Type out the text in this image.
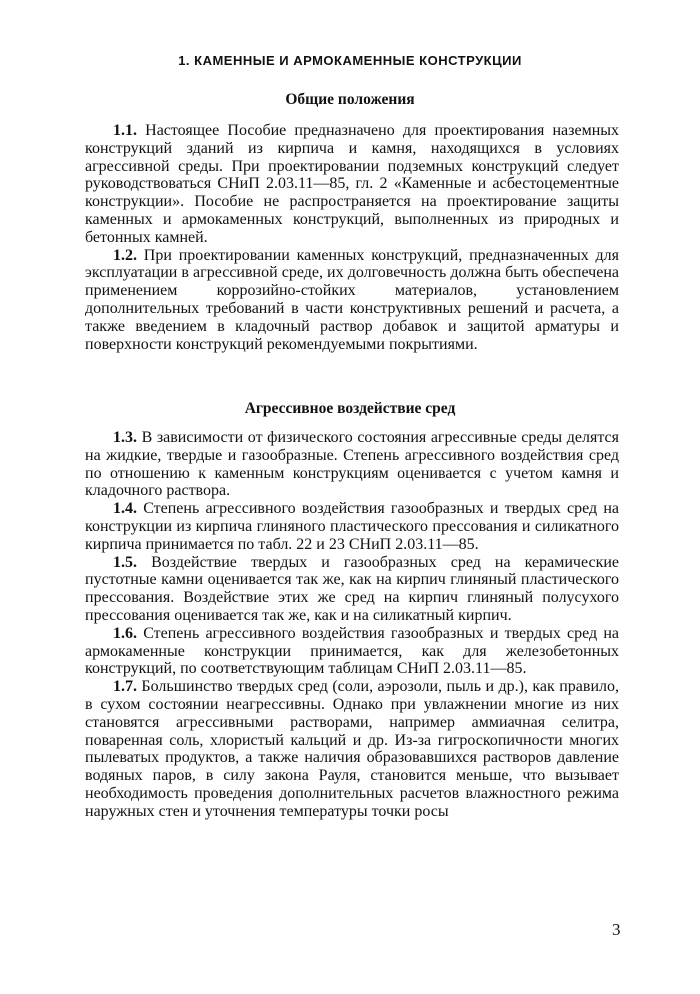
1. КАМЕННЫЕ И АРМОКАМЕННЫЕ КОНСТРУКЦИИ
Общие положения

1.1. Настоящее Пособие предназначено для проектирования наземных конструкций зданий из кирпича и камня, находящихся в условиях агрессивной среды. При проектировании подземных конструкций следует руководствоваться СНиП 2.03.11—85, гл. 2 «Каменные и асбестоцементные конструкции». Пособие не распространяется на проектирование защиты каменных и армокаменных конструкций, выполненных из природных и бетонных камней.

1.2. При проектировании каменных конструкций, предназначенных для эксплуатации в агрессивной среде, их долговечность должна быть обеспечена применением коррозийно-стойких материалов, установлением дополнительных требований в части конструктивных решений и расчета, а также введением в кладочный раствор добавок и защитой арматуры и поверхности конструкций рекомендуемыми покрытиями.

Агрессивное воздействие сред

1.3. В зависимости от физического состояния агрессивные среды делятся на жидкие, твердые и газообразные. Степень агрессивного воздействия сред по отношению к каменным конструкциям оценивается с учетом камня и кладочного раствора.

1.4. Степень агрессивного воздействия газообразных и твердых сред на конструкции из кирпича глиняного пластического прессования и силикатного кирпича принимается по табл. 22 и 23 СНиП 2.03.11—85.

1.5. Воздействие твердых и газообразных сред на керамические пустотные камни оценивается так же, как на кирпич глиняный пластического прессования. Воздействие этих же сред на кирпич глиняный полусухого прессования оценивается так же, как и на силикатный кирпич.

1.6. Степень агрессивного воздействия газообразных и твердых сред на армокаменные конструкции принимается, как для железобетонных конструкций, по соответствующим таблицам СНиП 2.03.11—85.

1.7. Большинство твердых сред (соли, аэрозоли, пыль и др.), как правило, в сухом состоянии неагрессивны. Однако при увлажнении многие из них становятся агрессивными растворами, например аммиачная селитра, поваренная соль, хлористый кальций и др. Из-за гигроскопичности многих пылеватых продуктов, а также наличия образовавшихся растворов давление водяных паров, в силу закона Рауля, становится меньше, что вызывает необходимость проведения дополнительных расчетов влажностного режима наружных стен и уточнения температуры точки росы

3
